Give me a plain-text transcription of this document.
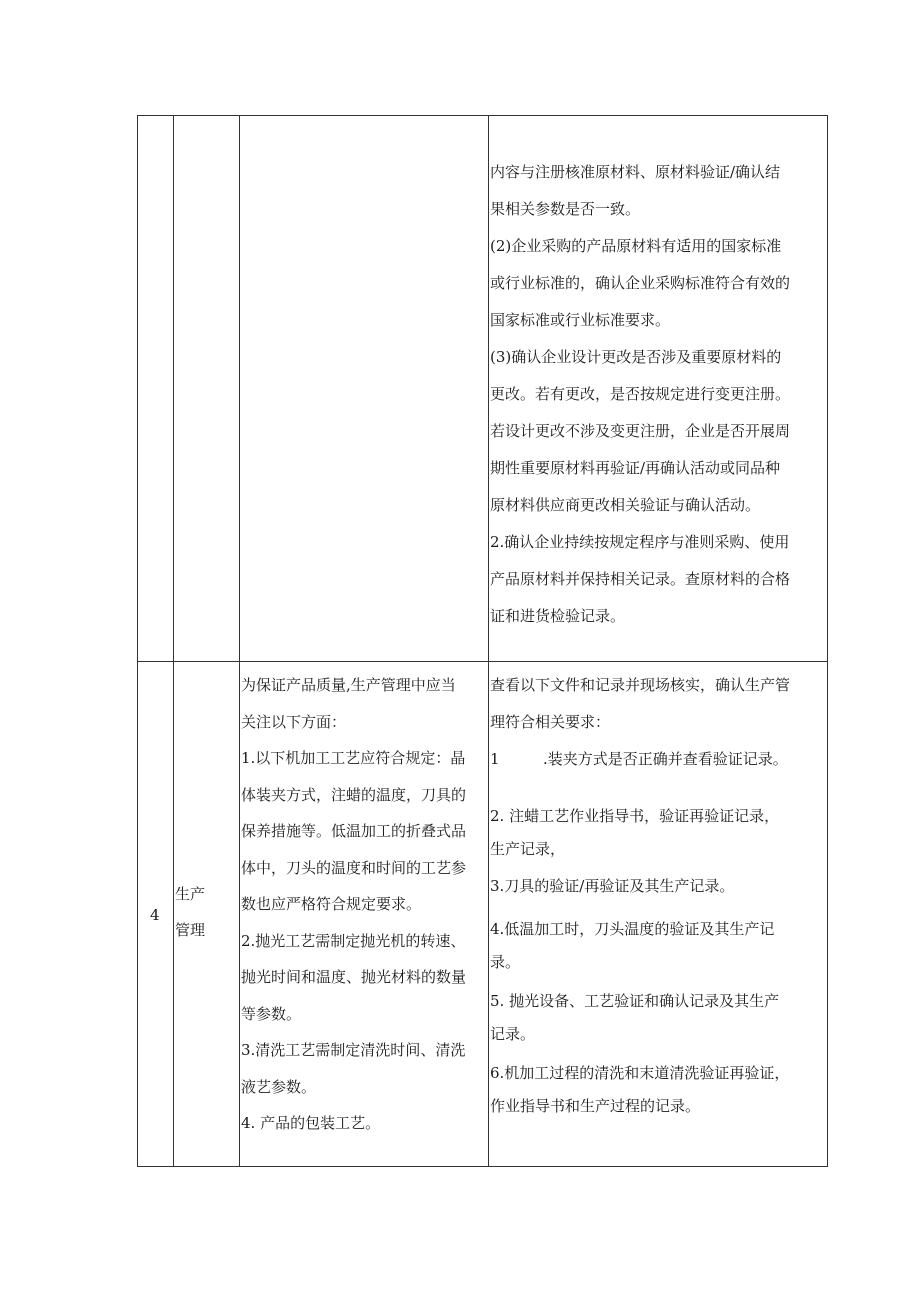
内容与注册核准原材料、原材料验证/确认结
果相关参数是否一致。
(2)企业采购的产品原材料有适用的国家标准
或行业标准的，确认企业采购标准符合有效的
国家标准或行业标准要求。
(3)确认企业设计更改是否涉及重要原材料的
更改。若有更改，是否按规定进行变更注册。
若设计更改不涉及变更注册，企业是否开展周
期性重要原材料再验证/再确认活动或同品种
原材料供应商更改相关验证与确认活动。
2.确认企业持续按规定程序与准则采购、使用
产品原材料并保持相关记录。查原材料的合格
证和进货检验记录。
4
生产
管理
为保证产品质量,生产管理中应当
关注以下方面：
1.以下机加工工艺应符合规定：晶
体装夹方式，注蜡的温度，刀具的
保养措施等。低温加工的折叠式品
体中，刀头的温度和时间的工艺参
数也应严格符合规定要求。
2.抛光工艺需制定抛光机的转速、
抛光时间和温度、抛光材料的数量
等参数。
3.清洗工艺需制定清洗时间、清洗
液艺参数。
4. 产品的包装工艺。
查看以下文件和记录并现场核实，确认生产管
理符合相关要求：
1	.装夹方式是否正确并查看验证记录。
2. 注蜡工艺作业指导书，验证再验证记录，
生产记录，
3.刀具的验证/再验证及其生产记录。
4.低温加工时，刀头温度的验证及其生产记
录。
5. 抛光设备、工艺验证和确认记录及其生产
记录。
6.机加工过程的清洗和末道清洗验证再验证，
作业指导书和生产过程的记录。
